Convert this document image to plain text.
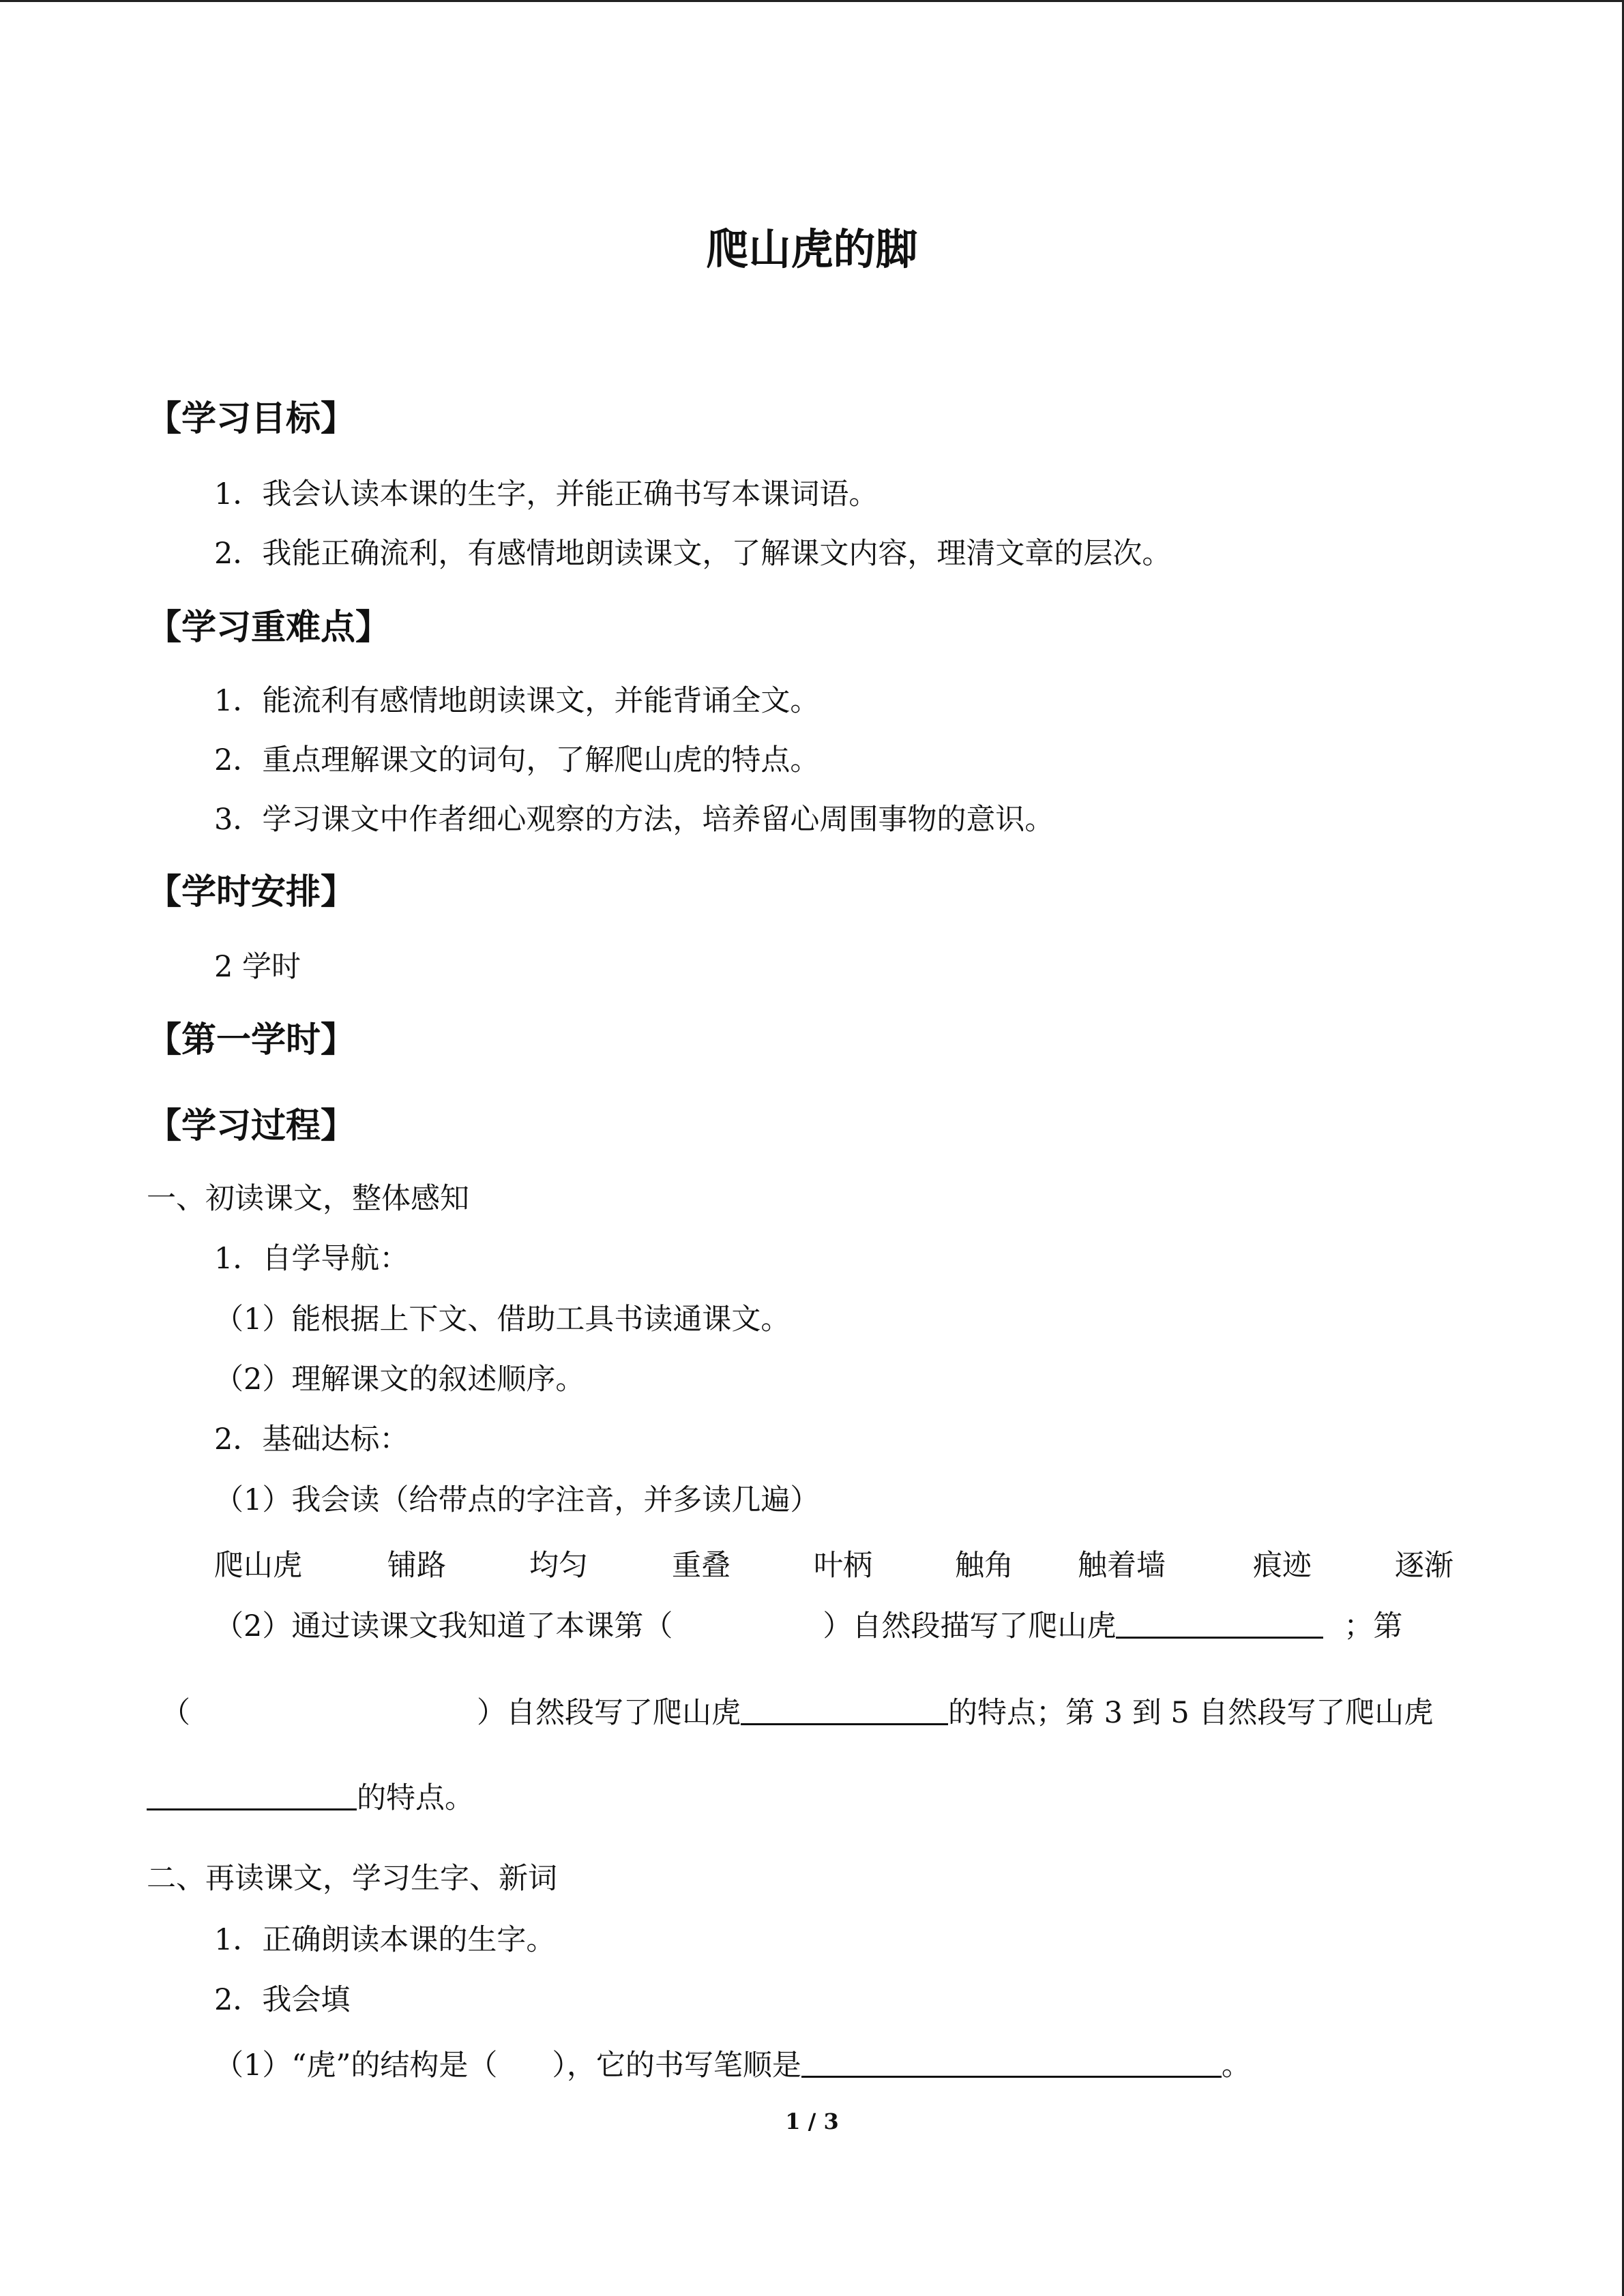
爬山虎的脚
【学习目标】
1．我会认读本课的生字，并能正确书写本课词语。
2．我能正确流利，有感情地朗读课文，了解课文内容，理清文章的层次。
【学习重难点】
1．能流利有感情地朗读课文，并能背诵全文。
2．重点理解课文的词句，了解爬山虎的特点。
3．学习课文中作者细心观察的方法，培养留心周围事物的意识。
【学时安排】
2 学时
【第一学时】
【学习过程】
一、初读课文，整体感知
1．自学导航：
（1）能根据上下文、借助工具书读通课文。
（2）理解课文的叙述顺序。
2．基础达标：
（1）我会读（给带点的字注音，并多读几遍）
爬山虎	铺路	均匀	重叠	叶柄	触角 触着墙	痕迹	逐渐
（2）通过读课文我知道了本课第（	）自然段描写了爬山虎	；第
（	）自然段写了爬山虎	的特点；第 3 到 5 自然段写了爬山虎
的特点。
二、再读课文，学习生字、新词
1．正确朗读本课的生字。
2．我会填
（1）“虎”的结构是（ ），它的书写笔顺是	。
1 / 3
